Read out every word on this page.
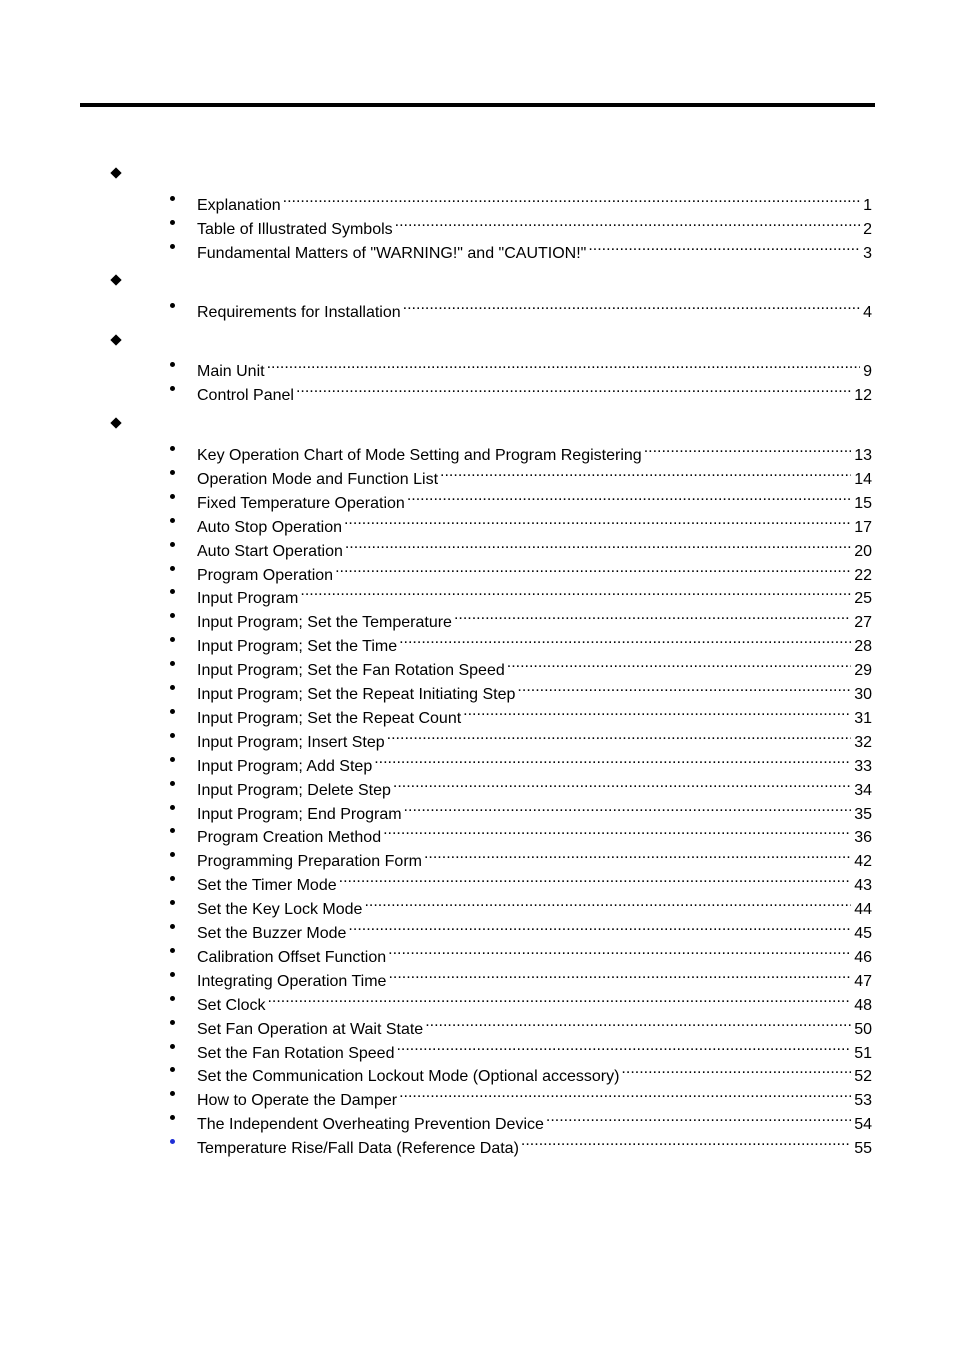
Explanation .....	1
Table of Illustrated Symbols .....	2
Fundamental Matters of "WARNING!" and "CAUTION!" .....	3
Requirements for Installation .....	4
Main Unit .....	9
Control Panel .....	12
Key Operation Chart of Mode Setting and Program Registering .....	13
Operation Mode and Function List .....	14
Fixed Temperature Operation .....	15
Auto Stop Operation .....	17
Auto Start Operation .....	20
Program Operation .....	22
Input Program .....	25
Input Program; Set the Temperature .....	27
Input Program; Set the Time .....	28
Input Program; Set the Fan Rotation Speed .....	29
Input Program; Set the Repeat Initiating Step .....	30
Input Program; Set the Repeat Count .....	31
Input Program; Insert Step .....	32
Input Program; Add Step .....	33
Input Program; Delete Step .....	34
Input Program; End Program .....	35
Program Creation Method .....	36
Programming Preparation Form .....	42
Set the Timer Mode .....	43
Set the Key Lock Mode .....	44
Set the Buzzer Mode .....	45
Calibration Offset Function .....	46
Integrating Operation Time .....	47
Set Clock .....	48
Set Fan Operation at Wait State .....	50
Set the Fan Rotation Speed .....	51
Set the Communication Lockout Mode (Optional accessory) .....	52
How to Operate the Damper .....	53
The Independent Overheating Prevention Device .....	54
Temperature Rise/Fall Data (Reference Data) .....	55
